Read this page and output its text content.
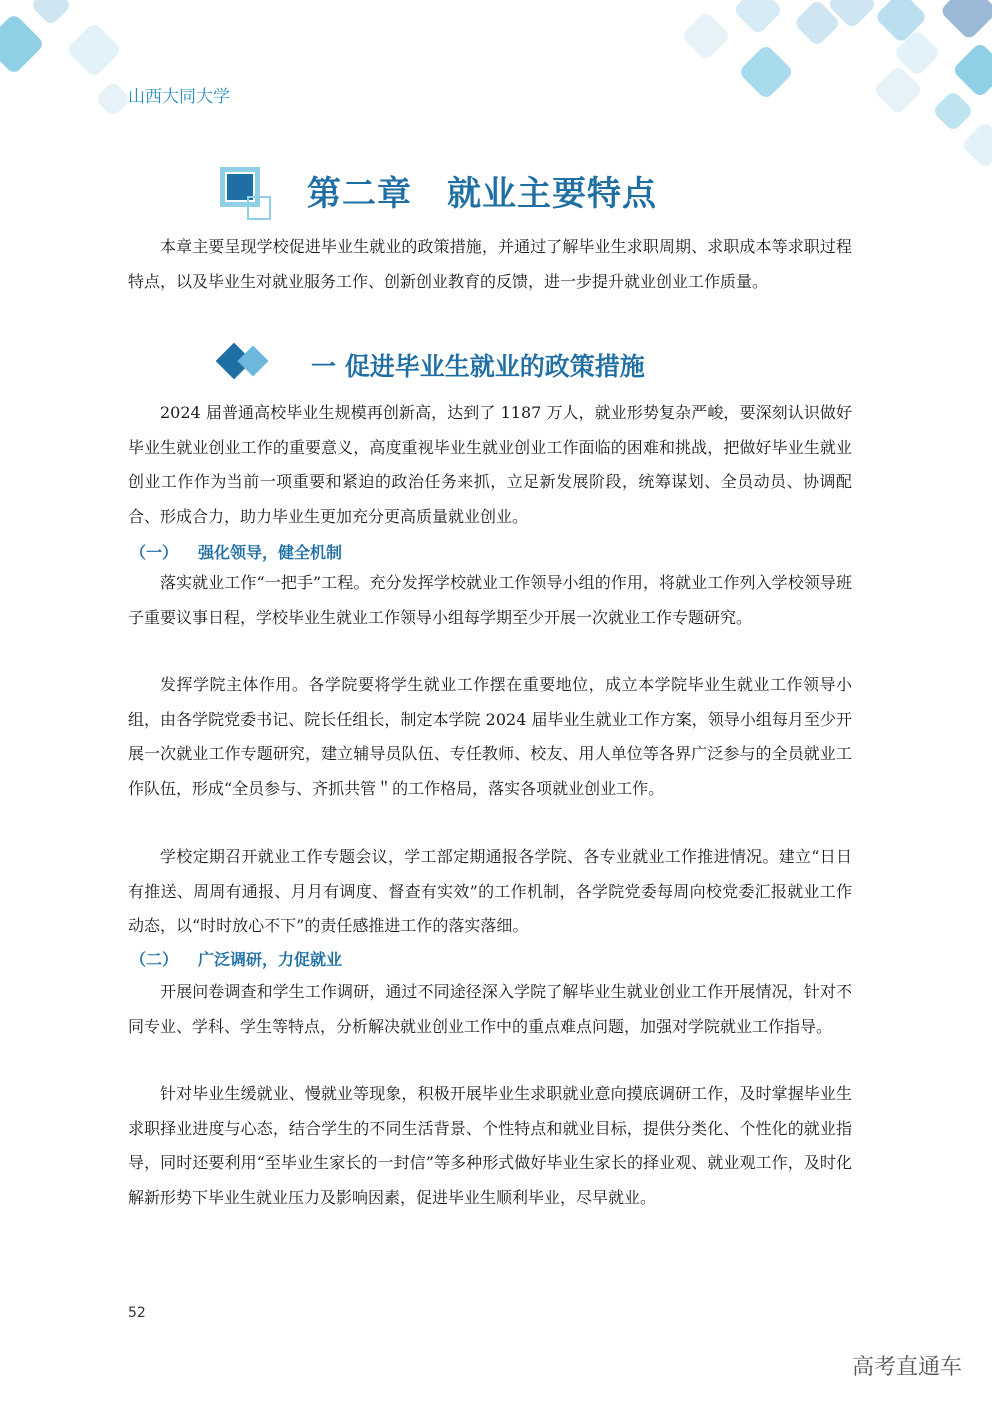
山西大同大学
第二章　就业主要特点

本章主要呈现学校促进毕业生就业的政策措施，并通过了解毕业生求职周期、求职成本等求职过程特点，以及毕业生对就业服务工作、创新创业教育的反馈，进一步提升就业创业工作质量。

一 促进毕业生就业的政策措施

2024 届普通高校毕业生规模再创新高，达到了 1187 万人，就业形势复杂严峻，要深刻认识做好毕业生就业创业工作的重要意义，高度重视毕业生就业创业工作面临的困难和挑战，把做好毕业生就业创业工作作为当前一项重要和紧迫的政治任务来抓，立足新发展阶段，统筹谋划、全员动员、协调配合、形成合力，助力毕业生更加充分更高质量就业创业。

（一） 强化领导，健全机制

落实就业工作“一把手”工程。充分发挥学校就业工作领导小组的作用，将就业工作列入学校领导班子重要议事日程，学校毕业生就业工作领导小组每学期至少开展一次就业工作专题研究。

发挥学院主体作用。各学院要将学生就业工作摆在重要地位，成立本学院毕业生就业工作领导小组，由各学院党委书记、院长任组长，制定本学院 2024 届毕业生就业工作方案，领导小组每月至少开展一次就业工作专题研究，建立辅导员队伍、专任教师、校友、用人单位等各界广泛参与的全员就业工作队伍，形成“全员参与、齐抓共管＂的工作格局，落实各项就业创业工作。

学校定期召开就业工作专题会议，学工部定期通报各学院、各专业就业工作推进情况。建立“日日有推送、周周有通报、月月有调度、督查有实效”的工作机制，各学院党委每周向校党委汇报就业工作动态，以“时时放心不下”的责任感推进工作的落实落细。

（二） 广泛调研，力促就业

开展问卷调查和学生工作调研，通过不同途径深入学院了解毕业生就业创业工作开展情况，针对不同专业、学科、学生等特点，分析解决就业创业工作中的重点难点问题，加强对学院就业工作指导。

针对毕业生缓就业、慢就业等现象，积极开展毕业生求职就业意向摸底调研工作，及时掌握毕业生求职择业进度与心态，结合学生的不同生活背景、个性特点和就业目标，提供分类化、个性化的就业指导，同时还要利用“至毕业生家长的一封信”等多种形式做好毕业生家长的择业观、就业观工作，及时化解新形势下毕业生就业压力及影响因素，促进毕业生顺利毕业，尽早就业。

52
高考直通车
